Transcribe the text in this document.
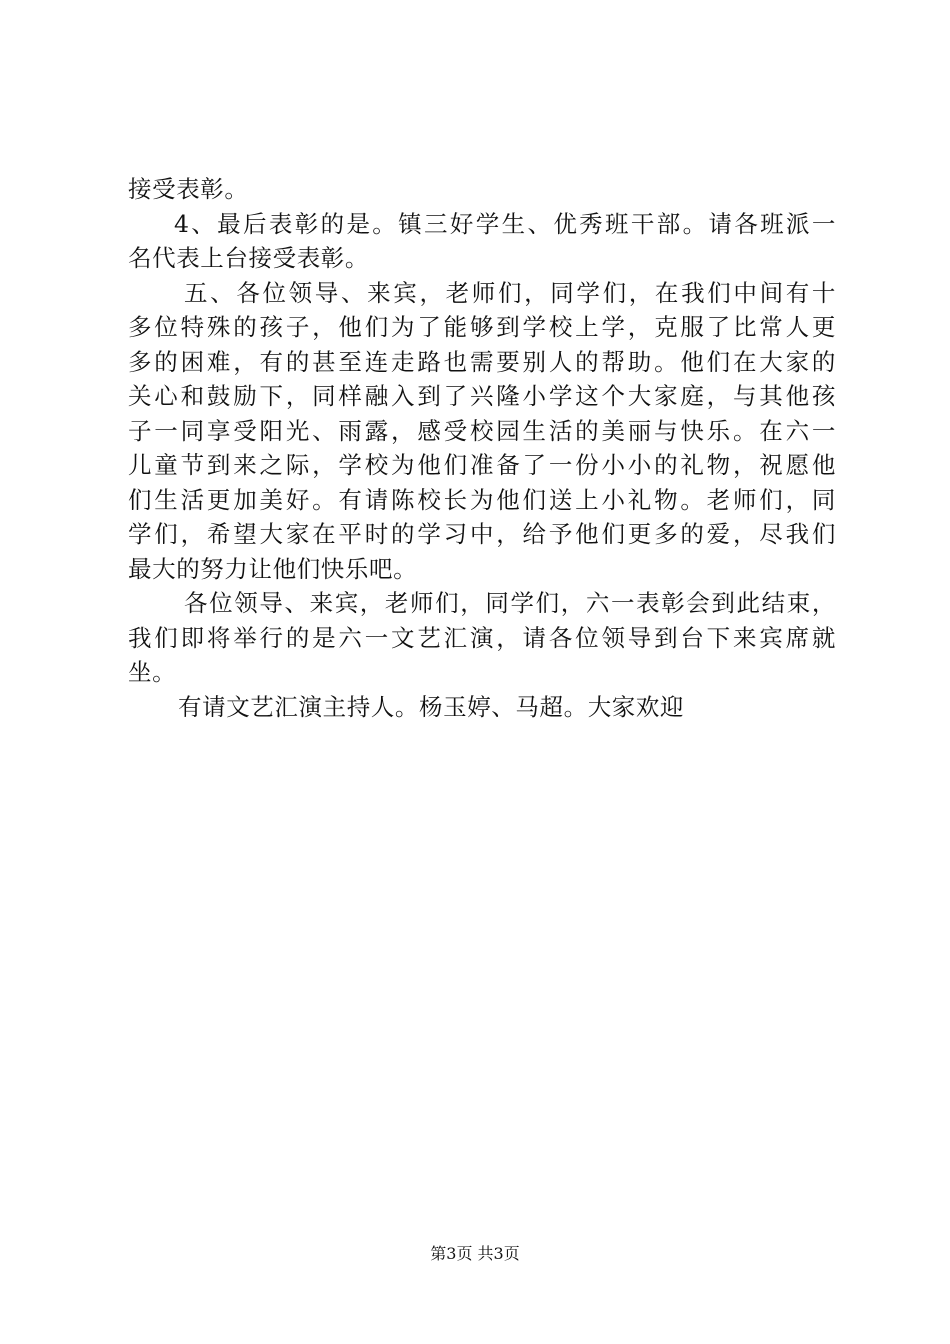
接受表彰。
4、最后表彰的是。镇三好学生、优秀班干部。请各班派一
名代表上台接受表彰。
五、各位领导、来宾，老师们，同学们，在我们中间有十
多位特殊的孩子，他们为了能够到学校上学，克服了比常人更
多的困难，有的甚至连走路也需要别人的帮助。他们在大家的
关心和鼓励下，同样融入到了兴隆小学这个大家庭，与其他孩
子一同享受阳光、雨露，感受校园生活的美丽与快乐。在六一
儿童节到来之际，学校为他们准备了一份小小的礼物，祝愿他
们生活更加美好。有请陈校长为他们送上小礼物。老师们，同
学们，希望大家在平时的学习中，给予他们更多的爱，尽我们
最大的努力让他们快乐吧。
各位领导、来宾，老师们，同学们，六一表彰会到此结束，
我们即将举行的是六一文艺汇演，请各位领导到台下来宾席就
坐。
有请文艺汇演主持人。杨玉婷、马超。大家欢迎
第3页 共3页
